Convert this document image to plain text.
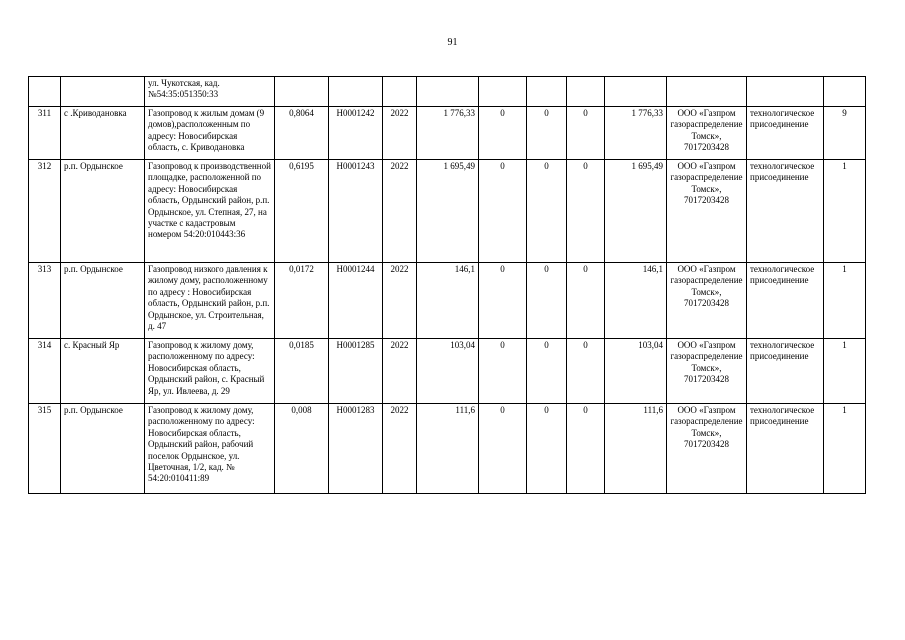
91
		ул. Чукотская, кад.№54:35:051350:33											
311	с .Криводановка	Газопровод к жилым домам (9 домов),расположенным по адресу: Новосибирская область, с. Криводановка	0,8064	Н0001242	2022	1 776,33	0	0	0	1 776,33	ООО «Газпром газораспределение Томск», 7017203428	технологическое присоединение	9
312	р.п. Ордынское	Газопровод к производственной площадке, расположенной по адресу: Новосибирская область, Ордынский район, р.п. Ордынское, ул. Степная, 27, на участке с кадастровым номером 54:20:010443:36	0,6195	Н0001243	2022	1 695,49	0	0	0	1 695,49	ООО «Газпром газораспределение Томск», 7017203428	технологическое присоединение	1
313	р.п. Ордынское	Газопровод низкого давления к жилому дому, расположенному по адресу : Новосибирская область, Ордынский район, р.п. Ордынское, ул. Строительная, д. 47	0,0172	Н0001244	2022	146,1	0	0	0	146,1	ООО «Газпром газораспределение Томск», 7017203428	технологическое присоединение	1
314	с. Красный Яр	Газопровод к жилому дому, расположенному по адресу: Новосибирская область, Ордынский район, с. Красный Яр, ул. Ивлеева, д. 29	0,0185	Н0001285	2022	103,04	0	0	0	103,04	ООО «Газпром газораспределение Томск», 7017203428	технологическое присоединение	1
315	р.п. Ордынское	Газопровод к жилому дому, расположенному по адресу: Новосибирская область, Ордынский район, рабочий поселок Ордынское, ул. Цветочная, 1/2, кад. № 54:20:010411:89	0,008	Н0001283	2022	111,6	0	0	0	111,6	ООО «Газпром газораспределение Томск», 7017203428	технологическое присоединение	1
